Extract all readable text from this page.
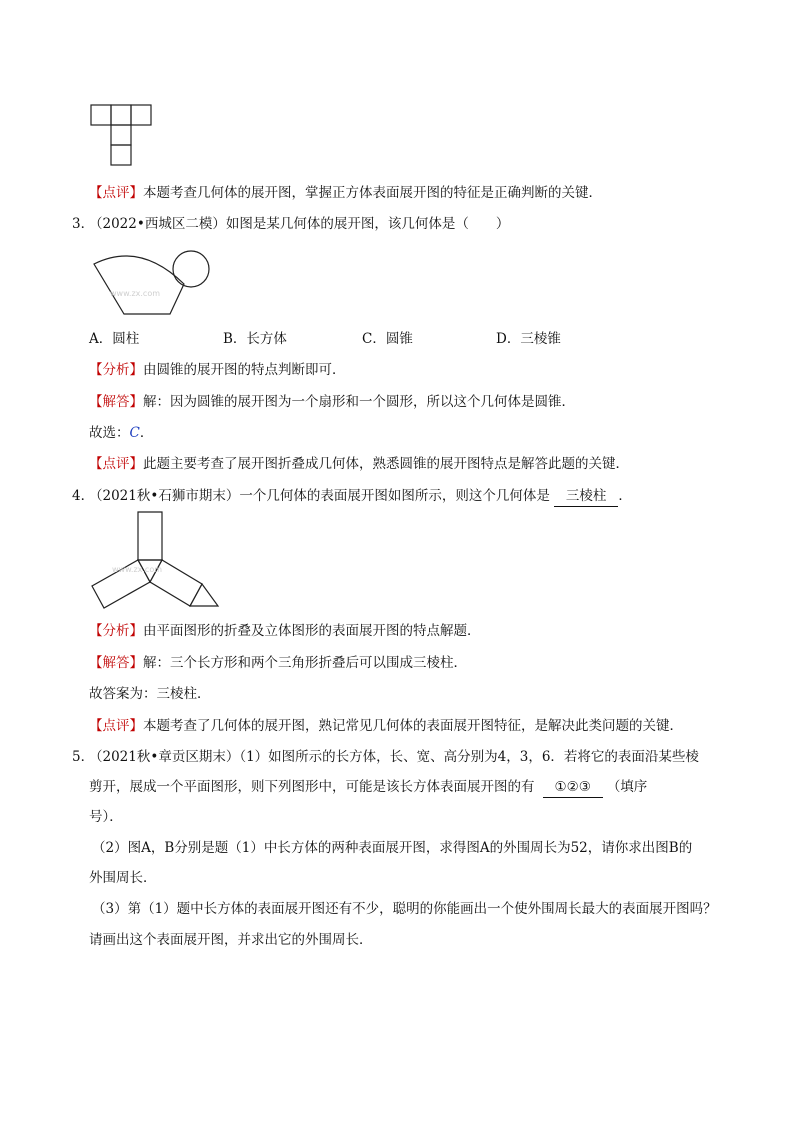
【点评】本题考查几何体的展开图，掌握正方体表面展开图的特征是正确判断的关键．
3．
（2022•西城区二模）如图是某几何体的展开图，该几何体是（　　）
www.zx.com
A．圆柱	B．长方体	C．圆锥	D．三棱锥
【分析】由圆锥的展开图的特点判断即可．
【解答】解：因为圆锥的展开图为一个扇形和一个圆形，所以这个几何体是圆锥．
故选：C．
【点评】此题主要考查了展开图折叠成几何体，熟悉圆锥的展开图特点是解答此题的关键．
4．
（2021秋•石狮市期末）一个几何体的表面展开图如图所示，则这个几何体是 三棱柱 ．
www.zx.com
【分析】由平面图形的折叠及立体图形的表面展开图的特点解题．
【解答】解：三个长方形和两个三角形折叠后可以围成三棱柱．
故答案为：三棱柱．
【点评】本题考查了几何体的展开图，熟记常见几何体的表面展开图特征，是解决此类问题的关键．
5．
（2021秋•章贡区期末）（1）如图所示的长方体，长、宽、高分别为4，3，6．若将它的表面沿某些棱
剪开，展成一个平面图形，则下列图形中，可能是该长方体表面展开图的有 ①②③ （填序
号）．
（2）图A，B分别是题（1）中长方体的两种表面展开图，求得图A的外围周长为52，请你求出图B的
外围周长．
（3）第（1）题中长方体的表面展开图还有不少，聪明的你能画出一个使外围周长最大的表面展开图吗？
请画出这个表面展开图，并求出它的外围周长．
